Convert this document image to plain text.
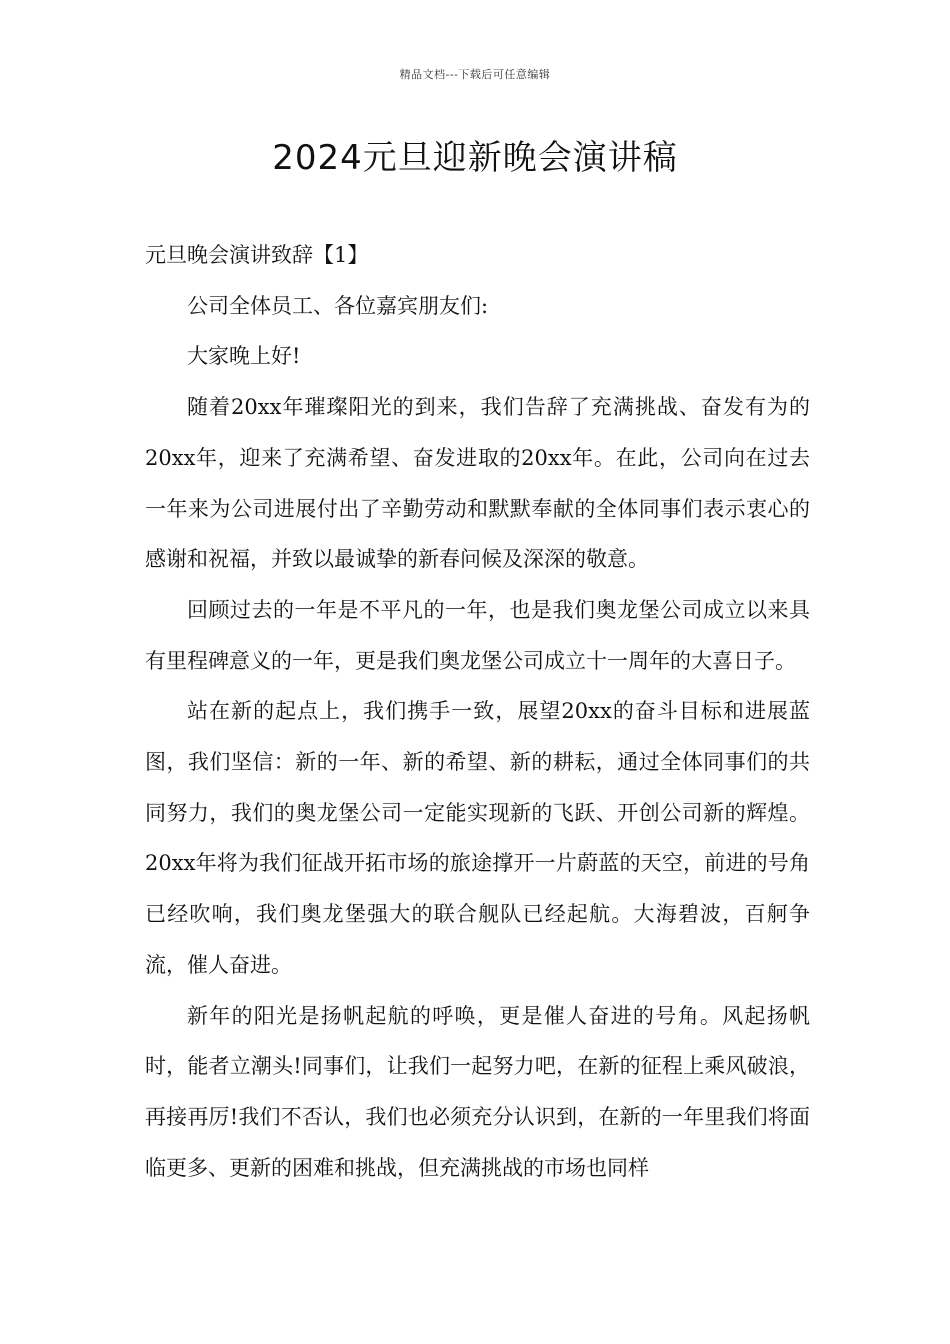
精品文档---下载后可任意编辑
2024元旦迎新晚会演讲稿

元旦晚会演讲致辞【1】

公司全体员工、各位嘉宾朋友们:

大家晚上好!

随着20xx年璀璨阳光的到来，我们告辞了充满挑战、奋发有为的20xx年，迎来了充满希望、奋发进取的20xx年。在此，公司向在过去一年来为公司进展付出了辛勤劳动和默默奉献的全体同事们表示衷心的感谢和祝福，并致以最诚挚的新春问候及深深的敬意。

回顾过去的一年是不平凡的一年，也是我们奥龙堡公司成立以来具有里程碑意义的一年，更是我们奥龙堡公司成立十一周年的大喜日子。

站在新的起点上，我们携手一致，展望20xx的奋斗目标和进展蓝图，我们坚信：新的一年、新的希望、新的耕耘，通过全体同事们的共同努力，我们的奥龙堡公司一定能实现新的飞跃、开创公司新的辉煌。20xx年将为我们征战开拓市场的旅途撑开一片蔚蓝的天空，前进的号角已经吹响，我们奥龙堡强大的联合舰队已经起航。大海碧波，百舸争流，催人奋进。

新年的阳光是扬帆起航的呼唤，更是催人奋进的号角。风起扬帆时，能者立潮头!同事们，让我们一起努力吧，在新的征程上乘风破浪，再接再厉!我们不否认，我们也必须充分认识到，在新的一年里我们将面临更多、更新的困难和挑战，但充满挑战的市场也同样
